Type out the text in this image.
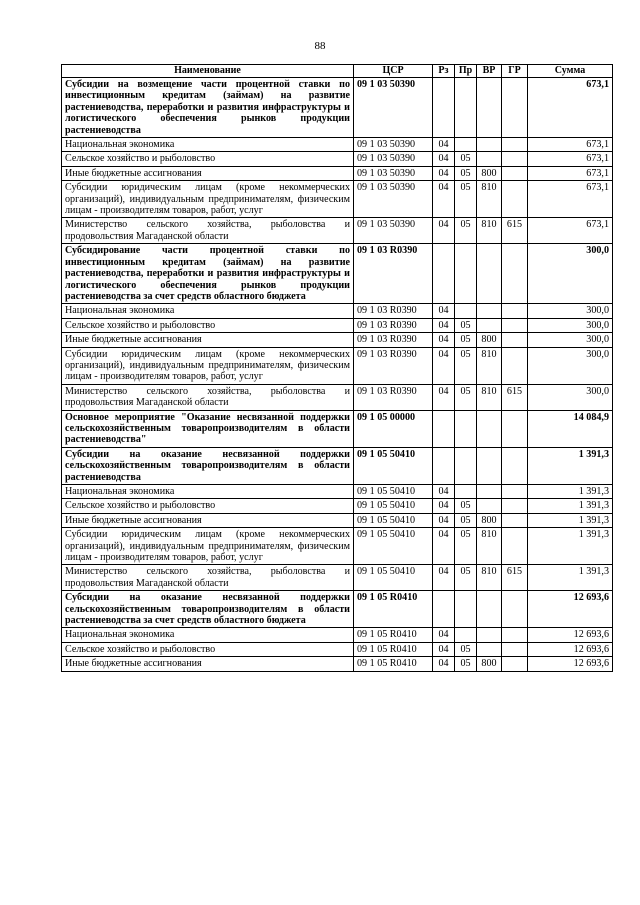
88
Наименование	ЦСР	Рз	Пр	ВР	ГР	Сумма
Субсидии на возмещение части процентной ставки по инвестиционным кредитам (займам) на развитие растениеводства, переработки и развития инфраструктуры и логистического обеспечения рынков продукции растениеводства	09 1 03 50390					673,1
Национальная экономика	09 1 03 50390	04				673,1
Сельское хозяйство и рыболовство	09 1 03 50390	04	05			673,1
Иные бюджетные ассигнования	09 1 03 50390	04	05	800		673,1
Субсидии юридическим лицам (кроме некоммерческих организаций), индивидуальным предпринимателям, физическим лицам - производителям товаров, работ, услуг	09 1 03 50390	04	05	810		673,1
Министерство сельского хозяйства, рыболовства и продовольствия Магаданской области	09 1 03 50390	04	05	810	615	673,1
Субсидирование части процентной ставки по инвестиционным кредитам (займам) на развитие растениеводства, переработки и развития инфраструктуры и логистического обеспечения рынков продукции растениеводства за счет средств областного бюджета	09 1 03 R0390					300,0
Национальная экономика	09 1 03 R0390	04				300,0
Сельское хозяйство и рыболовство	09 1 03 R0390	04	05			300,0
Иные бюджетные ассигнования	09 1 03 R0390	04	05	800		300,0
Субсидии юридическим лицам (кроме некоммерческих организаций), индивидуальным предпринимателям, физическим лицам - производителям товаров, работ, услуг	09 1 03 R0390	04	05	810		300,0
Министерство сельского хозяйства, рыболовства и продовольствия Магаданской области	09 1 03 R0390	04	05	810	615	300,0
Основное мероприятие "Оказание несвязанной поддержки сельскохозяйственным товаропроизводителям в области растениеводства"	09 1 05 00000					14 084,9
Субсидии на оказание несвязанной поддержки сельскохозяйственным товаропроизводителям в области растениеводства	09 1 05 50410					1 391,3
Национальная экономика	09 1 05 50410	04				1 391,3
Сельское хозяйство и рыболовство	09 1 05 50410	04	05			1 391,3
Иные бюджетные ассигнования	09 1 05 50410	04	05	800		1 391,3
Субсидии юридическим лицам (кроме некоммерческих организаций), индивидуальным предпринимателям, физическим лицам - производителям товаров, работ, услуг	09 1 05 50410	04	05	810		1 391,3
Министерство сельского хозяйства, рыболовства и продовольствия Магаданской области	09 1 05 50410	04	05	810	615	1 391,3
Субсидии на оказание несвязанной поддержки сельскохозяйственным товаропроизводителям в области растениеводства за счет средств областного бюджета	09 1 05 R0410					12 693,6
Национальная экономика	09 1 05 R0410	04				12 693,6
Сельское хозяйство и рыболовство	09 1 05 R0410	04	05			12 693,6
Иные бюджетные ассигнования	09 1 05 R0410	04	05	800		12 693,6
